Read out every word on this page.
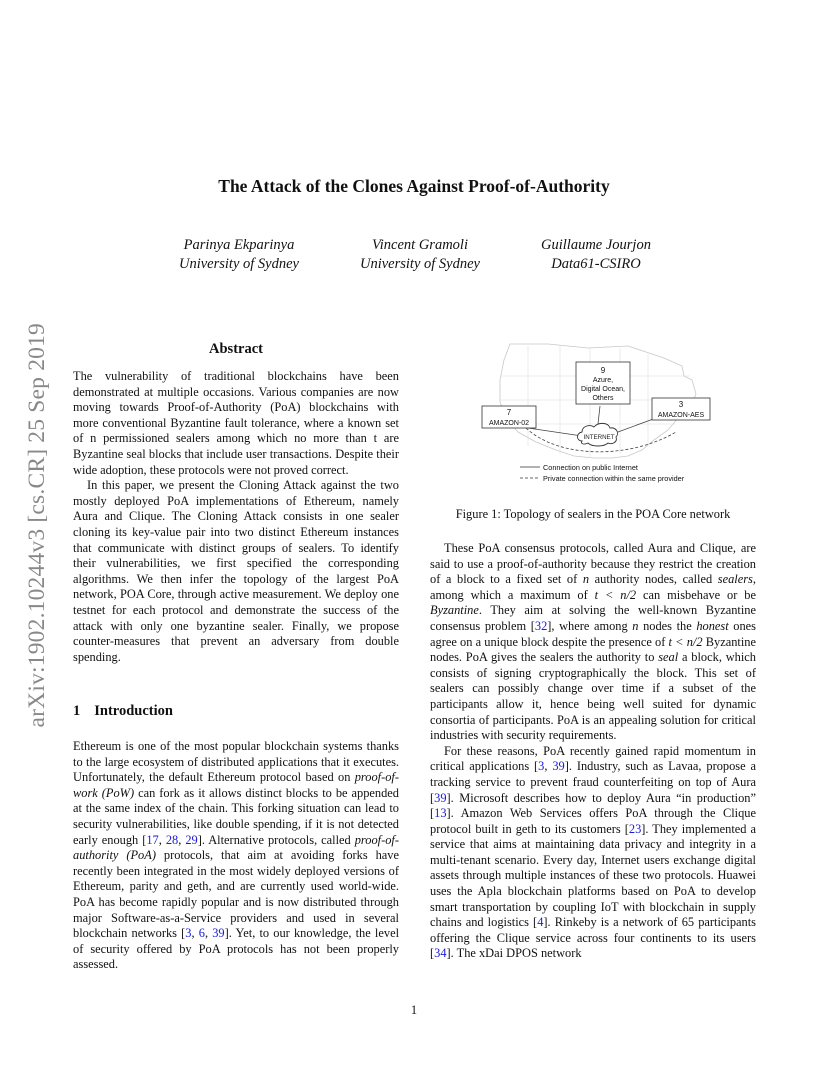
arXiv:1902.10244v3 [cs.CR] 25 Sep 2019
The Attack of the Clones Against Proof-of-Authority
Parinya Ekparinya
University of Sydney
Vincent Gramoli
University of Sydney
Guillaume Jourjon
Data61-CSIRO
Abstract

The vulnerability of traditional blockchains have been demonstrated at multiple occasions. Various companies are now moving towards Proof-of-Authority (PoA) blockchains with more conventional Byzantine fault tolerance, where a known set of n permissioned sealers among which no more than t are Byzantine seal blocks that include user transactions. Despite their wide adoption, these protocols were not proved correct.

In this paper, we present the Cloning Attack against the two mostly deployed PoA implementations of Ethereum, namely Aura and Clique. The Cloning Attack consists in one sealer cloning its key-value pair into two distinct Ethereum instances that communicate with distinct groups of sealers. To identify their vulnerabilities, we first specified the corresponding algorithms. We then infer the topology of the largest PoA network, POA Core, through active measurement. We deploy one testnet for each protocol and demonstrate the success of the attack with only one byzantine sealer. Finally, we propose counter-measures that prevent an adversary from double spending.

1 Introduction

Ethereum is one of the most popular blockchain systems thanks to the large ecosystem of distributed applications that it executes. Unfortunately, the default Ethereum protocol based on proof-of-work (PoW) can fork as it allows distinct blocks to be appended at the same index of the chain. This forking situation can lead to security vulnerabilities, like double spending, if it is not detected early enough [17, 28, 29]. Alternative protocols, called proof-of-authority (PoA) protocols, that aim at avoiding forks have recently been integrated in the most widely deployed versions of Ethereum, parity and geth, and are currently used world-wide. PoA has become rapidly popular and is now distributed through major Software-as-a-Service providers and used in several blockchain networks [3, 6, 39]. Yet, to our knowledge, the level of security offered by PoA protocols has not been properly assessed.

INTERNET
9
Azure,
Digital Ocean,
Others
7
AMAZON-02
3
AMAZON-AES
Connection on public Internet
Private connection within the same provider
Figure 1: Topology of sealers in the POA Core network

These PoA consensus protocols, called Aura and Clique, are said to use a proof-of-authority because they restrict the creation of a block to a fixed set of n authority nodes, called sealers, among which a maximum of t < n/2 can misbehave or be Byzantine. They aim at solving the well-known Byzantine consensus problem [32], where among n nodes the honest ones agree on a unique block despite the presence of t < n/2 Byzantine nodes. PoA gives the sealers the authority to seal a block, which consists of signing cryptographically the block. This set of sealers can possibly change over time if a subset of the participants allow it, hence being well suited for dynamic consortia of participants. PoA is an appealing solution for critical industries with security requirements.

For these reasons, PoA recently gained rapid momentum in critical applications [3, 39]. Industry, such as Lavaa, propose a tracking service to prevent fraud counterfeiting on top of Aura [39]. Microsoft describes how to deploy Aura “in production” [13]. Amazon Web Services offers PoA through the Clique protocol built in geth to its customers [23]. They implemented a service that aims at maintaining data privacy and integrity in a multi-tenant scenario. Every day, Internet users exchange digital assets through multiple instances of these two protocols. Huawei uses the Apla blockchain platforms based on PoA to develop smart transportation by coupling IoT with blockchain in supply chains and logistics [4]. Rinkeby is a network of 65 participants offering the Clique service across four continents to its users [34]. The xDai DPOS network

1
